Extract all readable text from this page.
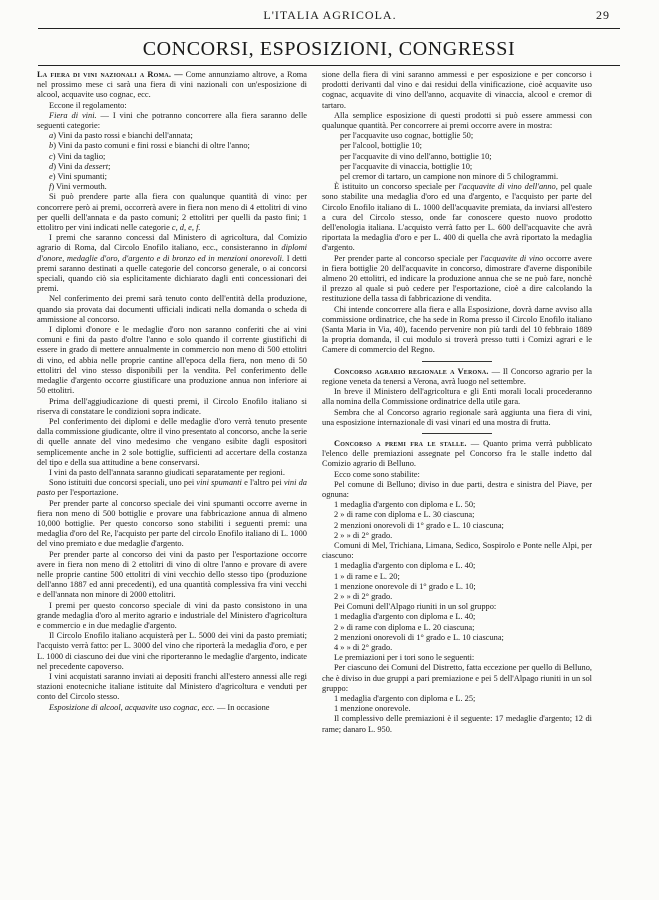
L'ITALIA AGRICOLA.	29
CONCORSI, ESPOSIZIONI, CONGRESSI

La fiera di vini nazionali a Roma. — Come annunziamo altrove, a Roma nel prossimo mese ci sarà una fiera di vini nazionali con un'esposizione di alcool, acquavite uso cognac, ecc.

Eccone il regolamento:

Fiera di vini. — I vini che potranno concorrere alla fiera saranno delle seguenti categorie:

a) Vini da pasto rossi e bianchi dell'annata;

b) Vini da pasto comuni e fini rossi e bianchi di oltre l'anno;

c) Vini da taglio;

d) Vini da dessert;

e) Vini spumanti;

f) Vini vermouth.

Si può prendere parte alla fiera con qualunque quantità di vino: per concorrere però ai premi, occorrerà avere in fiera non meno di 4 ettolitri di vino per quelli dell'annata e da pasto comuni; 2 ettolitri per quelli da pasto fini; 1 ettolitro per vini indicati nelle categorie c, d, e, f.

I premi che saranno concessi dal Ministero di agricoltura, dal Comizio agrario di Roma, dal Circolo Enofilo italiano, ecc., consisteranno in diplomi d'onore, medaglie d'oro, d'argento e di bronzo ed in menzioni onorevoli. I detti premi saranno destinati a quelle categorie del concorso generale, o ai concorsi speciali, quando ciò sia esplicitamente dichiarato dagli enti concessionari dei premi.

Nel conferimento dei premi sarà tenuto conto dell'entità della produzione, quando sia provata dai documenti ufficiali indicati nella domanda o scheda di ammissione al concorso.

I diplomi d'onore e le medaglie d'oro non saranno conferiti che ai vini comuni e fini da pasto d'oltre l'anno e solo quando il corrente giustifichi di essere in grado di mettere annualmente in commercio non meno di 500 ettolitri di vino, ed abbia nelle proprie cantine all'epoca della fiera, non meno di 50 ettolitri del vino stesso disponibili per la vendita. Pel conferimento delle medaglie d'argento occorre giustificare una produzione annua non inferiore ai 50 ettolitri.

Prima dell'aggiudicazione di questi premi, il Circolo Enofilo italiano si riserva di constatare le condizioni sopra indicate.

Pel conferimento dei diplomi e delle medaglie d'oro verrà tenuto presente dalla commissione giudicante, oltre il vino presentato al concorso, anche la serie di quelle annate del vino medesimo che vengano esibite dagli espositori semplicemente anche in 2 sole bottiglie, sufficienti ad accertare della costanza del tipo e della sua attitudine a bene conservarsi.

I vini da pasto dell'annata saranno giudicati separatamente per regioni.

Sono istituiti due concorsi speciali, uno pei vini spumanti e l'altro pei vini da pasto per l'esportazione.

Per prender parte al concorso speciale dei vini spumanti occorre averne in fiera non meno di 500 bottiglie e provare una fabbricazione annua di almeno 10,000 bottiglie. Per questo concorso sono stabiliti i seguenti premi: una medaglia d'oro del Re, l'acquisto per parte del circolo Enofilo italiano di L. 1000 del vino premiato e due medaglie d'argento.

Per prender parte al concorso dei vini da pasto per l'esportazione occorre avere in fiera non meno di 2 ettolitri di vino di oltre l'anno e provare di avere nelle proprie cantine 500 ettolitri di vini vecchio dello stesso tipo (produzione dell'anno 1887 ed anni precedenti), ed una quantità complessiva fra vini vecchi e dell'annata non minore di 2000 ettolitri.

I premi per questo concorso speciale di vini da pasto consistono in una grande medaglia d'oro al merito agrario e industriale del Ministero d'agricoltura e commercio e in due medaglie d'argento.

Il Circolo Enofilo italiano acquisterà per L. 5000 dei vini da pasto premiati; l'acquisto verrà fatto: per L. 3000 del vino che riporterà la medaglia d'oro, e per L. 1000 di ciascuno dei due vini che riporteranno le medaglie d'argento, indicate nel precedente capoverso.

I vini acquistati saranno inviati ai depositi franchi all'estero annessi alle regi stazioni enotecniche italiane istituite dal Ministero d'agricoltura e venduti per conto del Circolo stesso.

Esposizione di alcool, acquavite uso cognac, ecc. — In occasione

sione della fiera di vini saranno ammessi e per esposizione e per concorso i prodotti derivanti dal vino e dai residui della vinificazione, cioè acquavite uso cognac, acquavite di vino dell'anno, acquavite di vinaccia, alcool e cremor di tartaro.

Alla semplice esposizione di questi prodotti si può essere ammessi con qualunque quantità. Per concorrere ai premi occorre avere in mostra:

per l'acquavite uso cognac, bottiglie 50;

per l'alcool, bottiglie 10;

per l'acquavite di vino dell'anno, bottiglie 10;

per l'acquavite di vinaccia, bottiglie 10;

pel cremor di tartaro, un campione non minore di 5 chilogrammi.

È istituito un concorso speciale per l'acquavite di vino dell'anno, pel quale sono stabilite una medaglia d'oro ed una d'argento, e l'acquisto per parte del Circolo Enofilo italiano di L. 1000 dell'acquavite premiata, da inviarsi all'estero a cura del Circolo stesso, onde far conoscere questo nuovo prodotto dell'enologia italiana. L'acquisto verrà fatto per L. 600 dell'acquavite che avrà riportata la medaglia d'oro e per L. 400 di quella che avrà riportato la medaglia d'argento.

Per prender parte al concorso speciale per l'acquavite di vino occorre avere in fiera bottiglie 20 dell'acquavite in concorso, dimostrare d'averne disponibile almeno 20 ettolitri, ed indicare la produzione annua che se ne può fare, nonchè il prezzo al quale si può cedere per l'esportazione, cioè a dire calcolando la restituzione della tassa di fabbricazione di vendita.

Chi intende concorrere alla fiera e alla Esposizione, dovrà darne avviso alla commissione ordinatrice, che ha sede in Roma presso il Circolo Enofilo italiano (Santa Maria in Via, 40), facendo pervenire non più tardi del 10 febbraio 1889 la propria domanda, il cui modulo si troverà presso tutti i Comizi agrari e le Camere di commercio del Regno.

Concorso agrario regionale a Verona. — Il Concorso agrario per la regione veneta da tenersi a Verona, avrà luogo nel settembre.

In breve il Ministero dell'agricoltura e gli Enti morali locali procederanno alla nomina della Commissione ordinatrice della utile gara.

Sembra che al Concorso agrario regionale sarà aggiunta una fiera di vini, una esposizione internazionale di vasi vinari ed una mostra di frutta.

Concorso a premi fra le stalle. — Quanto prima verrà pubblicato l'elenco delle premiazioni assegnate pel Concorso fra le stalle indetto dal Comizio agrario di Belluno.

Ecco come sono stabilite:

Pel comune di Belluno; diviso in due parti, destra e sinistra del Piave, per ognuna:

1 medaglia d'argento con diploma e L. 50;

2 » di rame con diploma e L. 30 ciascuna;

2 menzioni onorevoli di 1° grado e L. 10 ciascuna;

2 » » di 2° grado.

Comuni di Mel, Trichiana, Limana, Sedico, Sospirolo e Ponte nelle Alpi, per ciascuno:

1 medaglia d'argento con diploma e L. 40;

1 » di rame e L. 20;

1 menzione onorevole di 1° grado e L. 10;

2 » » di 2° grado.

Pei Comuni dell'Alpago riuniti in un sol gruppo:

1 medaglia d'argento con diploma e L. 40;

2 » di rame con diploma e L. 20 ciascuna;

2 menzioni onorevoli di 1° grado e L. 10 ciascuna;

4 » » di 2° grado.

Le premiazioni per i tori sono le seguenti:

Per ciascuno dei Comuni del Distretto, fatta eccezione per quello di Belluno, che è diviso in due gruppi a pari premiazione e pei 5 dell'Alpago riuniti in un sol gruppo:

1 medaglia d'argento con diploma e L. 25;

1 menzione onorevole.

Il complessivo delle premiazioni è il seguente: 17 medaglie d'argento; 12 di rame; danaro L. 950.
